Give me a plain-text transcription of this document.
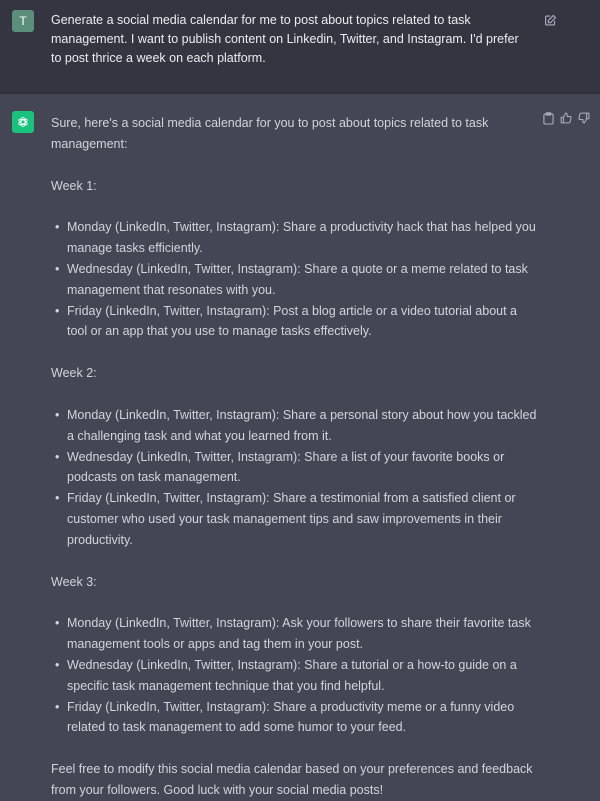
T Generate a social media calendar for me to post about topics related to task management. I want to publish content on Linkedin, Twitter, and Instagram. I'd prefer to post thrice a week on each platform.

Sure, here's a social media calendar for you to post about topics related to task management:

Week 1:

• Monday (LinkedIn, Twitter, Instagram): Share a productivity hack that has helped you manage tasks efficiently.
• Wednesday (LinkedIn, Twitter, Instagram): Share a quote or a meme related to task management that resonates with you.
• Friday (LinkedIn, Twitter, Instagram): Post a blog article or a video tutorial about a tool or an app that you use to manage tasks effectively.

Week 2:

• Monday (LinkedIn, Twitter, Instagram): Share a personal story about how you tackled a challenging task and what you learned from it.
• Wednesday (LinkedIn, Twitter, Instagram): Share a list of your favorite books or podcasts on task management.
• Friday (LinkedIn, Twitter, Instagram): Share a testimonial from a satisfied client or customer who used your task management tips and saw improvements in their productivity.

Week 3:

• Monday (LinkedIn, Twitter, Instagram): Ask your followers to share their favorite task management tools or apps and tag them in your post.
• Wednesday (LinkedIn, Twitter, Instagram): Share a tutorial or a how-to guide on a specific task management technique that you find helpful.
• Friday (LinkedIn, Twitter, Instagram): Share a productivity meme or a funny video related to task management to add some humor to your feed.

Feel free to modify this social media calendar based on your preferences and feedback from your followers. Good luck with your social media posts!
